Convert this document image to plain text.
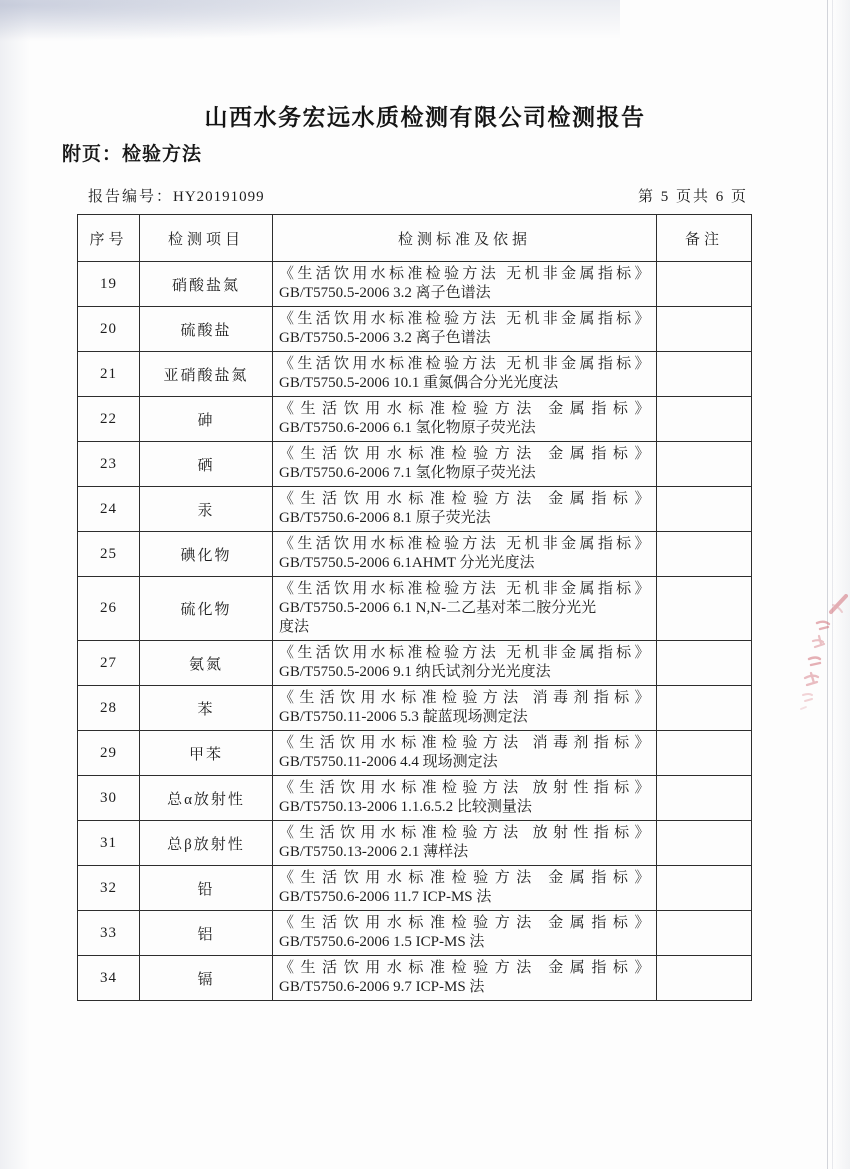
山西水务宏远水质检测有限公司检测报告
附页：检验方法
报告编号：HY20191099	第 5 页共 6 页
序号	检测项目	检测标准及依据	备注
19	硝酸盐氮	《生活饮用水标准检验方法 无机非金属指标》
GB/T5750.5-2006 3.2 离子色谱法	

20	硫酸盐	《生活饮用水标准检验方法 无机非金属指标》
GB/T5750.5-2006 3.2 离子色谱法	

21	亚硝酸盐氮	《生活饮用水标准检验方法 无机非金属指标》
GB/T5750.5-2006 10.1 重氮偶合分光光度法	

22	砷	《生活饮用水标准检验方法 金属指标》
GB/T5750.6-2006 6.1 氢化物原子荧光法	

23	硒	《生活饮用水标准检验方法 金属指标》
GB/T5750.6-2006 7.1 氢化物原子荧光法	

24	汞	《生活饮用水标准检验方法 金属指标》
GB/T5750.6-2006 8.1 原子荧光法	

25	碘化物	《生活饮用水标准检验方法 无机非金属指标》
GB/T5750.5-2006 6.1AHMT 分光光度法	

26	硫化物	《生活饮用水标准检验方法 无机非金属指标》
GB/T5750.5-2006 6.1 N,N-二乙基对苯二胺分光光
度法	

27	氨氮	《生活饮用水标准检验方法 无机非金属指标》
GB/T5750.5-2006 9.1 纳氏试剂分光光度法	

28	苯	《生活饮用水标准检验方法 消毒剂指标》
GB/T5750.11-2006 5.3 靛蓝现场测定法	

29	甲苯	《生活饮用水标准检验方法 消毒剂指标》
GB/T5750.11-2006 4.4 现场测定法	

30	总α放射性	《生活饮用水标准检验方法 放射性指标》
GB/T5750.13-2006 1.1.6.5.2 比较测量法	

31	总β放射性	《生活饮用水标准检验方法 放射性指标》
GB/T5750.13-2006 2.1 薄样法	

32	铅	《生活饮用水标准检验方法 金属指标》
GB/T5750.6-2006 11.7 ICP-MS 法	

33	铝	《生活饮用水标准检验方法 金属指标》
GB/T5750.6-2006 1.5 ICP-MS 法	

34	镉	《生活饮用水标准检验方法 金属指标》
GB/T5750.6-2006 9.7 ICP-MS 法	
